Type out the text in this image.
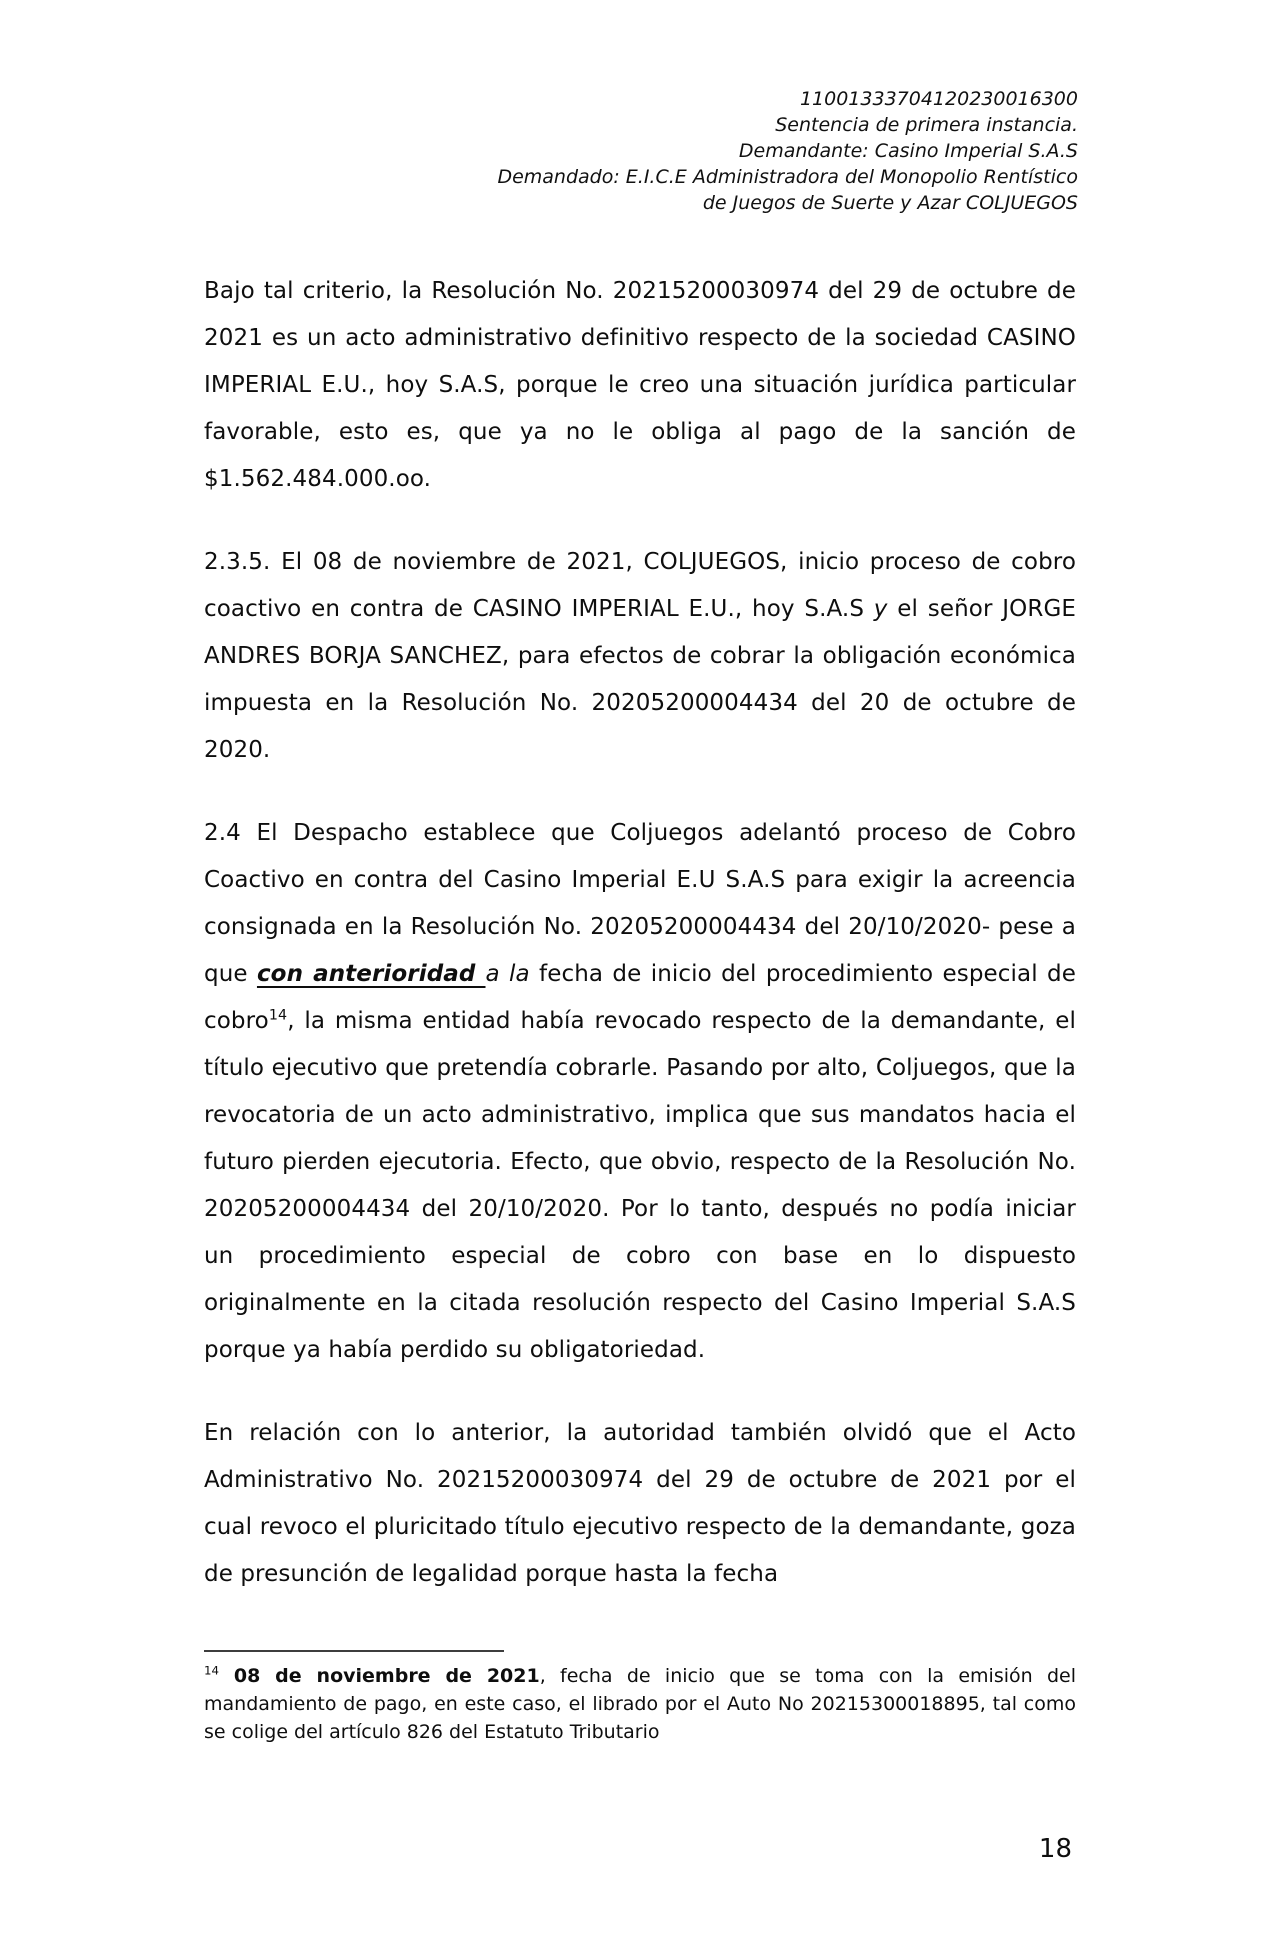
11001333704120230016300
Sentencia de primera instancia.
Demandante: Casino Imperial S.A.S
Demandado: E.I.C.E Administradora del Monopolio Rentístico
de Juegos de Suerte y Azar COLJUEGOS

Bajo tal criterio, la Resolución No. 20215200030974 del 29 de octubre de 2021 es un acto administrativo definitivo respecto de la sociedad CASINO IMPERIAL E.U., hoy S.A.S, porque le creo una situación jurídica particular favorable, esto es, que ya no le obliga al pago de la sanción de $1.562.484.000.oo.

2.3.5. El 08 de noviembre de 2021, COLJUEGOS, inicio proceso de cobro coactivo en contra de CASINO IMPERIAL E.U., hoy S.A.S y el señor JORGE ANDRES BORJA SANCHEZ, para efectos de cobrar la obligación económica impuesta en la Resolución No. 20205200004434 del 20 de octubre de 2020.

2.4 El Despacho establece que Coljuegos adelantó proceso de Cobro Coactivo en contra del Casino Imperial E.U S.A.S para exigir la acreencia consignada en la Resolución No. 20205200004434 del 20/10/2020- pese a que con anterioridad a la fecha de inicio del procedimiento especial de cobro$^{14}$, la misma entidad había revocado respecto de la demandante, el título ejecutivo que pretendía cobrarle. Pasando por alto, Coljuegos, que la revocatoria de un acto administrativo, implica que sus mandatos hacia el futuro pierden ejecutoria. Efecto, que obvio, respecto de la Resolución No. 20205200004434 del 20/10/2020. Por lo tanto, después no podía iniciar un procedimiento especial de cobro con base en lo dispuesto originalmente en la citada resolución respecto del Casino Imperial S.A.S porque ya había perdido su obligatoriedad.

En relación con lo anterior, la autoridad también olvidó que el Acto Administrativo No. 20215200030974 del 29 de octubre de 2021 por el cual revoco el pluricitado título ejecutivo respecto de la demandante, goza de presunción de legalidad porque hasta la fecha

$^{14}$ 08 de noviembre de 2021, fecha de inicio que se toma con la emisión del mandamiento de pago, en este caso, el librado por el Auto No 20215300018895, tal como se colige del artículo 826 del Estatuto Tributario
18
